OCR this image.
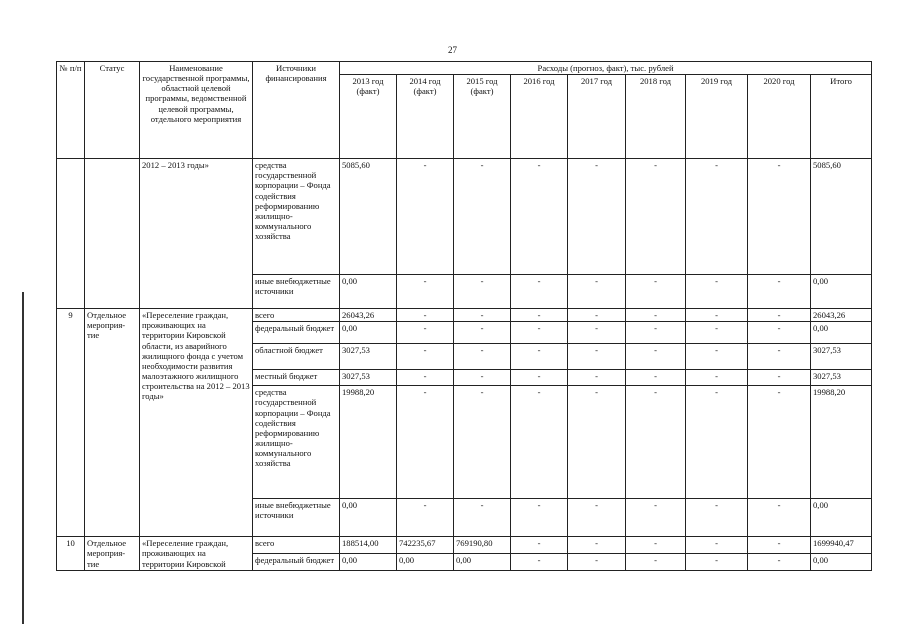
27
№ п/п	Статус	Наименование государственной программы, областной целевой программы, ведомственной целевой программы, отдельного мероприятия	Источники финансирования	Расходы (прогноз, факт), тыс. рублей								
				2013 год (факт)	2014 год (факт)	2015 год (факт)	2016 год	2017 год	2018 год	2019 год	2020 год	Итого
		2012 – 2013 годы»	средства государственной корпорации – Фонда содействия реформированию жилищно-коммунального хозяйства	5085,60	-	-	-	-	-	-	-	5085,60
			иные внебюджетные источники	0,00	-	-	-	-	-	-	-	0,00
9	Отдельное мероприя-тие	«Переселение граждан, проживающих на территории Кировской области, из аварийного жилищного фонда с учетом необходимости развития малоэтажного жилищного строительства на 2012 – 2013 годы»	всего	26043,26	-	-	-	-	-	-	-	26043,26
			федеральный бюджет	0,00	-	-	-	-	-	-	-	0,00
			областной бюджет	3027,53	-	-	-	-	-	-	-	3027,53
			местный бюджет	3027,53	-	-	-	-	-	-	-	3027,53
			средства государственной корпорации – Фонда содействия реформированию жилищно-коммунального хозяйства	19988,20	-	-	-	-	-	-	-	19988,20
			иные внебюджетные источники	0,00	-	-	-	-	-	-	-	0,00
10	Отдельное мероприя-тие	«Переселение граждан, проживающих на территории Кировской	всего	188514,00	742235,67	769190,80	-	-	-	-	-	1699940,47
			федеральный бюджет	0,00	0,00	0,00	-	-	-	-	-	0,00
